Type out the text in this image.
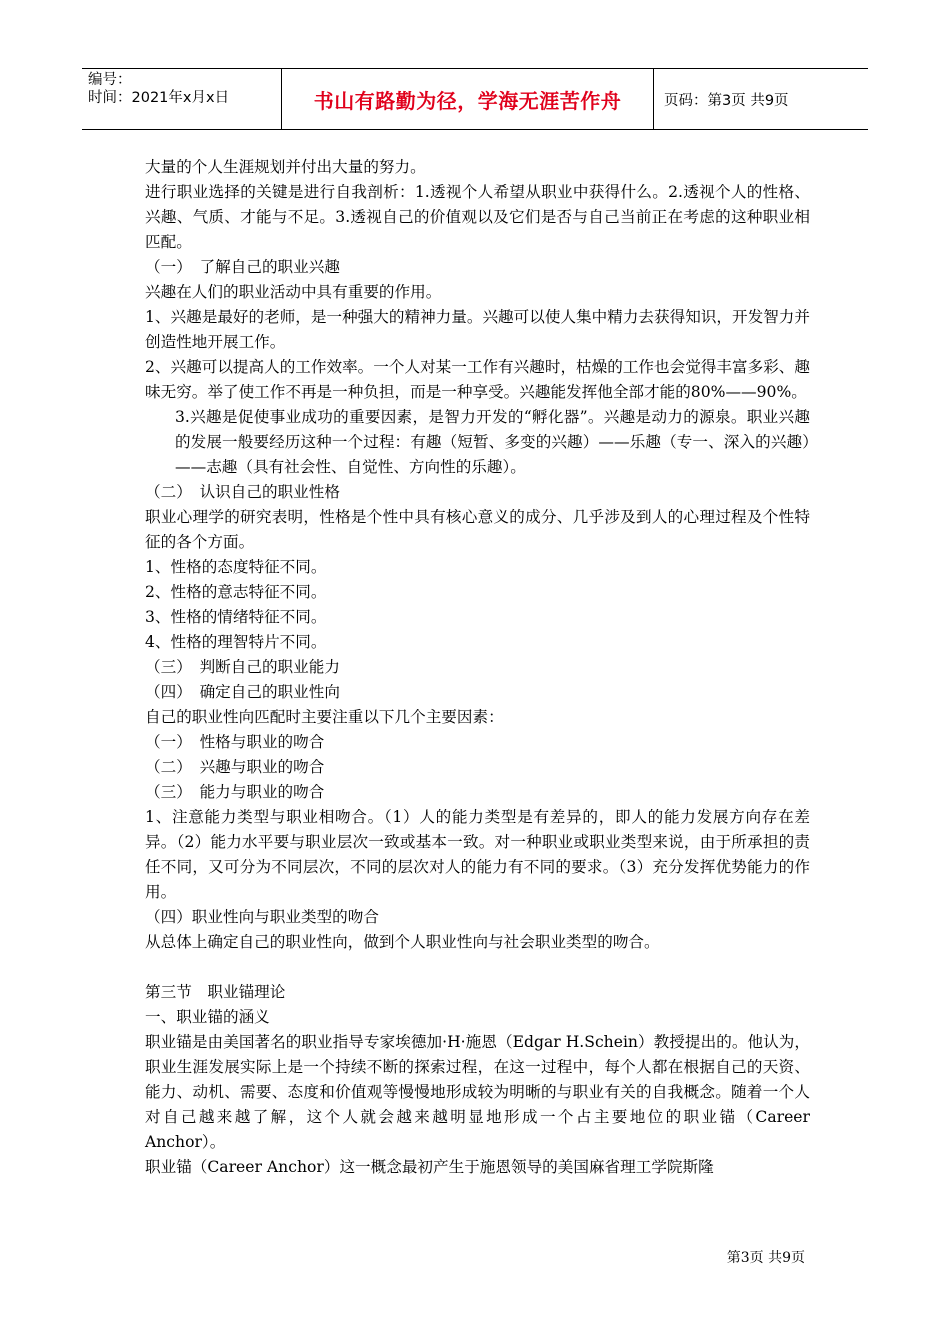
编号：
时间：2021年x月x日	书山有路勤为径，学海无涯苦作舟	页码：第3页 共9页

大量的个人生涯规划并付出大量的努力。

进行职业选择的关键是进行自我剖析：1.透视个人希望从职业中获得什么。2.透视个人的性格、兴趣、气质、才能与不足。3.透视自己的价值观以及它们是否与自己当前正在考虑的这种职业相匹配。

（一）　了解自己的职业兴趣

兴趣在人们的职业活动中具有重要的作用。

1、兴趣是最好的老师，是一种强大的精神力量。兴趣可以使人集中精力去获得知识，开发智力并创造性地开展工作。

2、兴趣可以提高人的工作效率。一个人对某一工作有兴趣时，枯燥的工作也会觉得丰富多彩、趣味无穷。举了使工作不再是一种负担，而是一种享受。兴趣能发挥他全部才能的80%——90%。

3.兴趣是促使事业成功的重要因素，是智力开发的“孵化器”。兴趣是动力的源泉。职业兴趣的发展一般要经历这种一个过程：有趣（短暂、多变的兴趣）——乐趣（专一、深入的兴趣）——志趣（具有社会性、自觉性、方向性的乐趣）。

（二）　认识自己的职业性格

职业心理学的研究表明，性格是个性中具有核心意义的成分、几乎涉及到人的心理过程及个性特征的各个方面。

1、性格的态度特征不同。

2、性格的意志特征不同。

3、性格的情绪特征不同。

4、性格的理智特片不同。

（三）　判断自己的职业能力

（四）　确定自己的职业性向

自己的职业性向匹配时主要注重以下几个主要因素：

（一）　性格与职业的吻合

（二）　兴趣与职业的吻合

（三）　能力与职业的吻合

1、注意能力类型与职业相吻合。（1）人的能力类型是有差异的，即人的能力发展方向存在差异。（2）能力水平要与职业层次一致或基本一致。对一种职业或职业类型来说，由于所承担的责任不同，又可分为不同层次，不同的层次对人的能力有不同的要求。（3）充分发挥优势能力的作用。

（四）职业性向与职业类型的吻合

从总体上确定自己的职业性向，做到个人职业性向与社会职业类型的吻合。

第三节　职业锚理论

一、职业锚的涵义

职业锚是由美国著名的职业指导专家埃德加·H·施恩（Edgar H.Schein）教授提出的。他认为，职业生涯发展实际上是一个持续不断的探索过程，在这一过程中，每个人都在根据自己的天资、能力、动机、需要、态度和价值观等慢慢地形成较为明晰的与职业有关的自我概念。随着一个人对自己越来越了解，这个人就会越来越明显地形成一个占主要地位的职业锚（Career Anchor）。

职业锚（Career Anchor）这一概念最初产生于施恩领导的美国麻省理工学院斯隆

第3页 共9页
